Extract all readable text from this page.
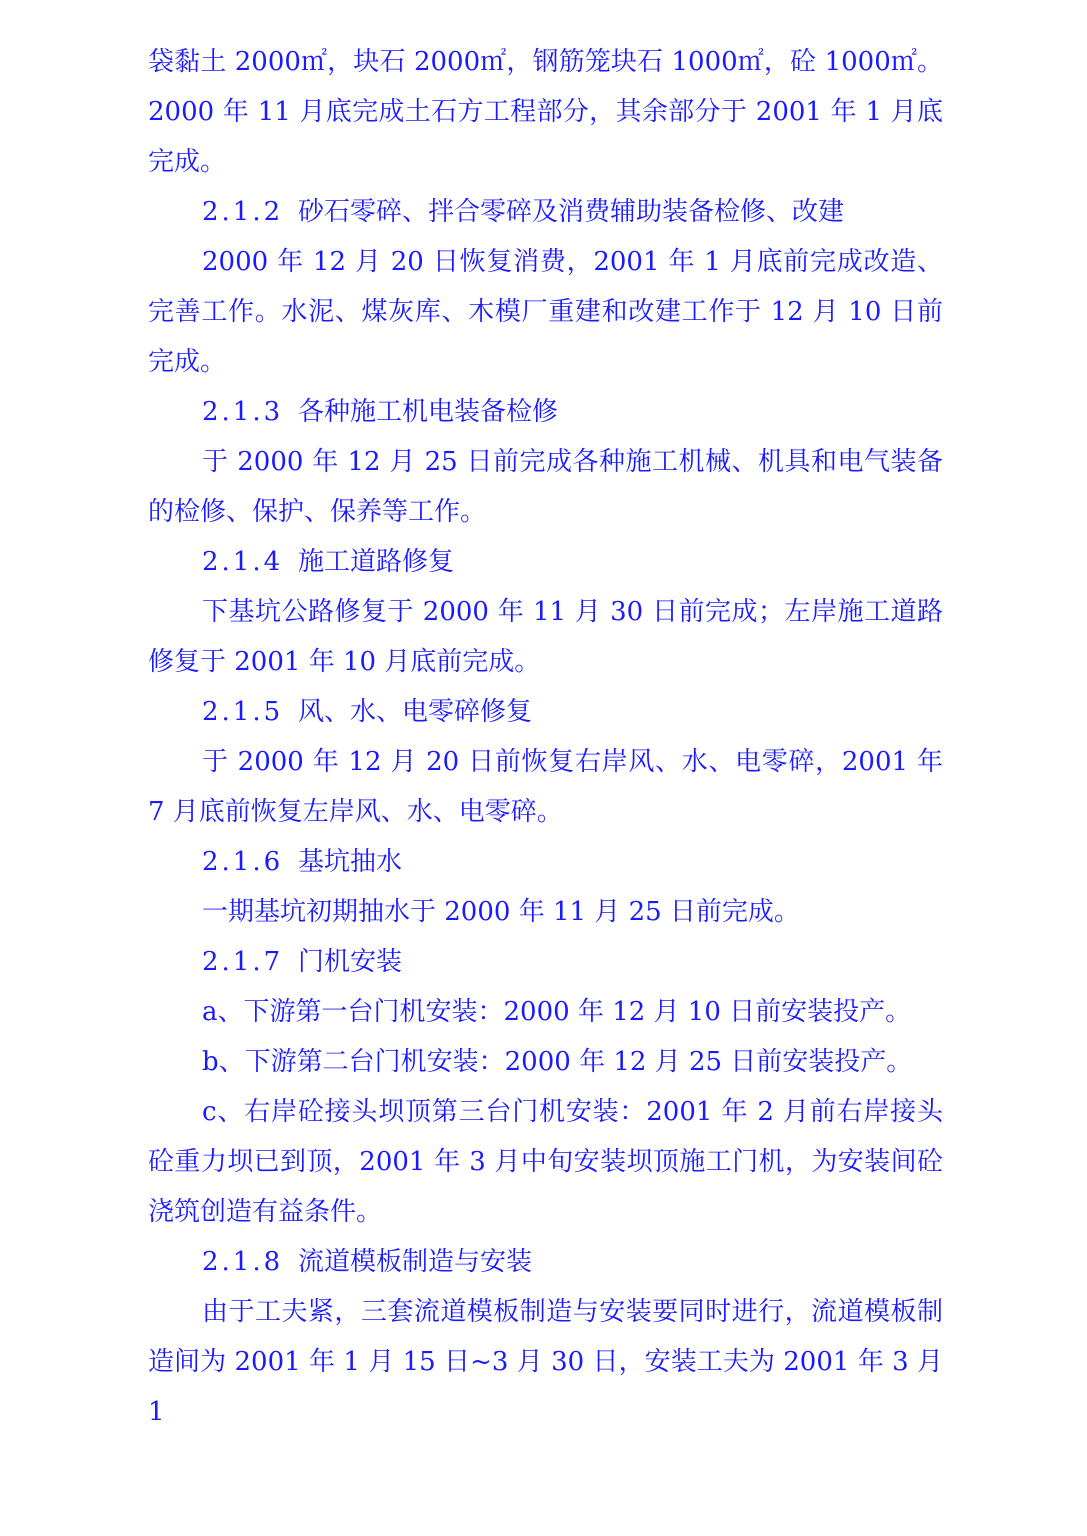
袋黏土 2000㎡，块石 2000㎡，钢筋笼块石 1000㎡，砼 1000㎡。2000 年 11 月底完成土石方工程部分，其余部分于 2001 年 1 月底完成。

2.1.2 砂石零碎、拌合零碎及消费辅助装备检修、改建

2000 年 12 月 20 日恢复消费，2001 年 1 月底前完成改造、完善工作。水泥、煤灰库、木模厂重建和改建工作于 12 月 10 日前完成。

2.1.3 各种施工机电装备检修

于 2000 年 12 月 25 日前完成各种施工机械、机具和电气装备的检修、保护、保养等工作。

2.1.4 施工道路修复

下基坑公路修复于 2000 年 11 月 30 日前完成；左岸施工道路修复于 2001 年 10 月底前完成。

2.1.5 风、水、电零碎修复

于 2000 年 12 月 20 日前恢复右岸风、水、电零碎，2001 年 7 月底前恢复左岸风、水、电零碎。

2.1.6 基坑抽水

一期基坑初期抽水于 2000 年 11 月 25 日前完成。

2.1.7 门机安装

a、下游第一台门机安装：2000 年 12 月 10 日前安装投产。

b、下游第二台门机安装：2000 年 12 月 25 日前安装投产。

c、右岸砼接头坝顶第三台门机安装：2001 年 2 月前右岸接头砼重力坝已到顶，2001 年 3 月中旬安装坝顶施工门机，为安装间砼浇筑创造有益条件。

2.1.8 流道模板制造与安装

由于工夫紧，三套流道模板制造与安装要同时进行，流道模板制造间为 2001 年 1 月 15 日~3 月 30 日，安装工夫为 2001 年 3 月 1
